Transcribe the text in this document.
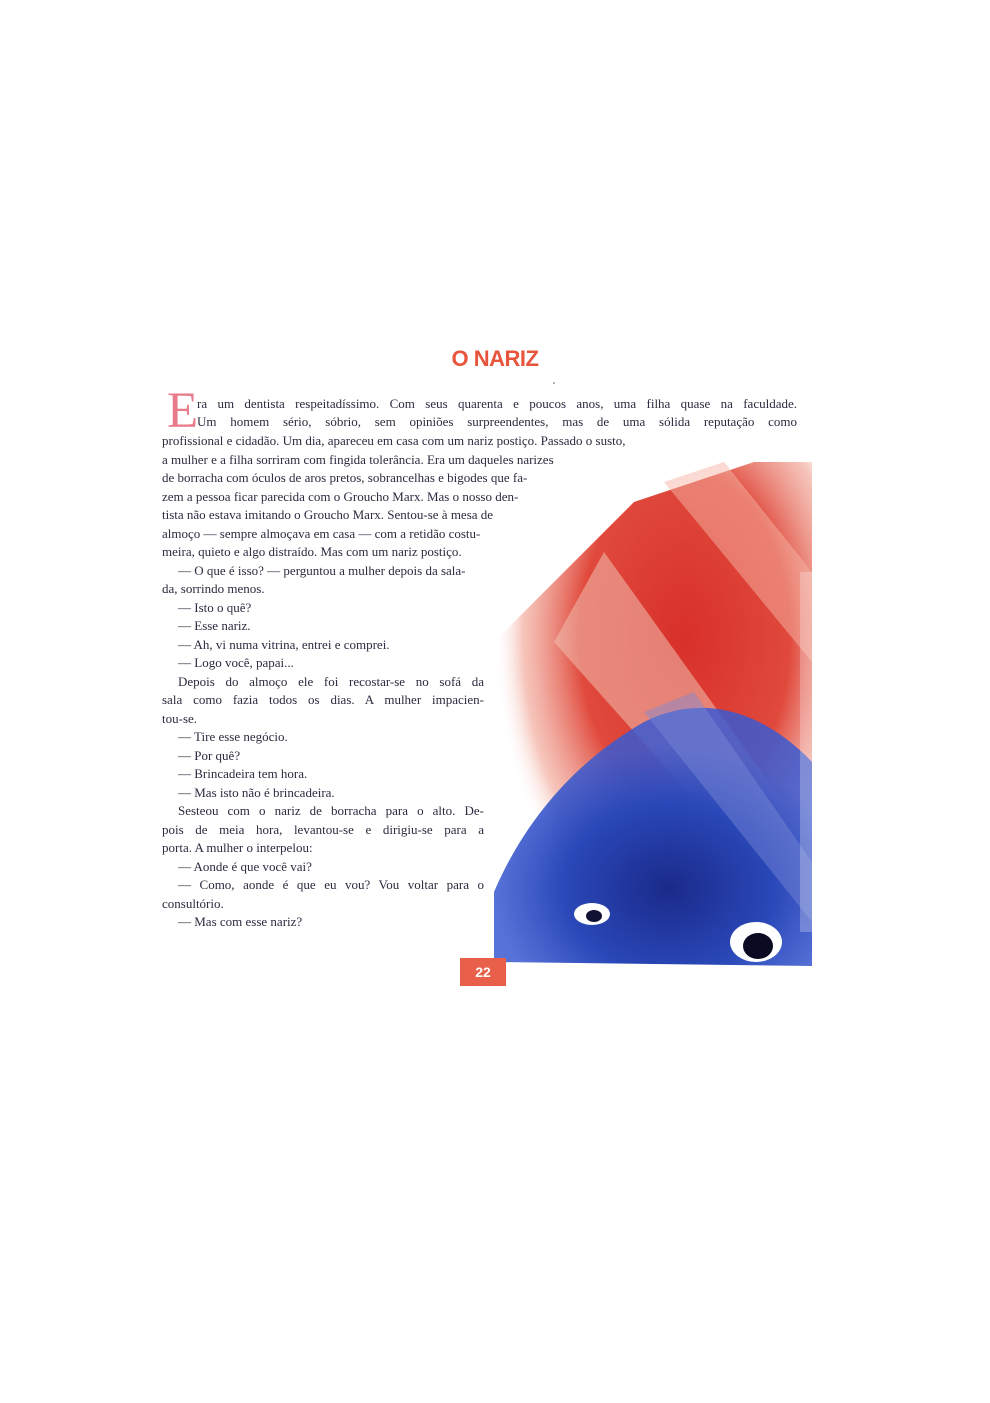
O NARIZ
E
ra um dentista respeitadíssimo. Com seus quarenta e poucos anos, uma filha quase na faculdade.
Um homem sério, sóbrio, sem opiniões surpreendentes, mas de uma sólida reputação como
profissional e cidadão. Um dia, apareceu em casa com um nariz postiço. Passado o susto,
a mulher e a filha sorriram com fingida tolerância. Era um daqueles narizes
de borracha com óculos de aros pretos, sobrancelhas e bigodes que fa-
zem a pessoa ficar parecida com o Groucho Marx. Mas o nosso den-
tista não estava imitando o Groucho Marx. Sentou-se à mesa de
almoço — sempre almoçava em casa — com a retidão costu-
meira, quieto e algo distraído. Mas com um nariz postiço.
— O que é isso? — perguntou a mulher depois da sala-
da, sorrindo menos.
— Isto o quê?
— Esse nariz.
— Ah, vi numa vitrina, entrei e comprei.
— Logo você, papai...
Depois do almoço ele foi recostar-se no sofá da
sala como fazia todos os dias. A mulher impacien-
tou-se.
— Tire esse negócio.
— Por quê?
— Brincadeira tem hora.
— Mas isto não é brincadeira.
Sesteou com o nariz de borracha para o alto. De-
pois de meia hora, levantou-se e dirigiu-se para a
porta. A mulher o interpelou:
— Aonde é que você vai?
— Como, aonde é que eu vou? Vou voltar para o
consultório.
— Mas com esse nariz?
22
